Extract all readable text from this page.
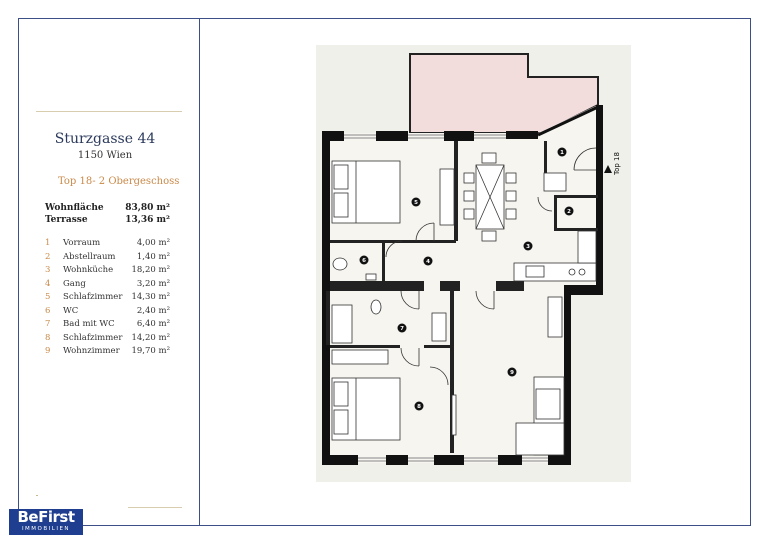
Sturzgasse 44
1150 Wien
Top 18- 2 Obergeschoss
Wohnfläche 83,80 m²
Terrasse	13,36 m²
1	Vorraum	4,00 m²
2	Abstellraum	1,40 m²
3	Wohnküche	18,20 m²
4	Gang	3,20 m²
5	Schlafzimmer	14,30 m²
6	WC	2,40 m²
7	Bad mit WC	6,40 m²
8	Schlafzimmer	14,20 m²
9	Wohnzimmer	19,70 m²
BeFirst
IMMOBILIEN
Top 18
1
2
3
4
5
6
7
8
9
